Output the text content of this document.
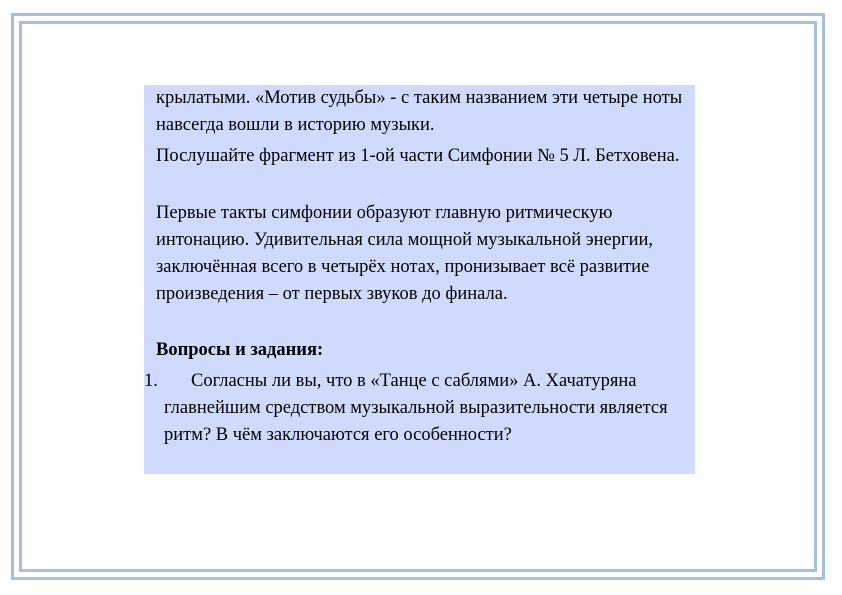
крылатыми. «Мотив судьбы» - с таким названием эти четыре ноты навсегда вошли в историю музыки.

Послушайте фрагмент из 1-ой части Симфонии № 5 Л. Бетховена.

Первые такты симфонии образуют главную ритмическую интонацию. Удивительная сила мощной музыкальной энергии, заключённая всего в четырёх нотах, пронизывает всё развитие произведения – от первых звуков до финала.

Вопросы и задания:

1.	Согласны ли вы, что в «Танце с саблями» А. Хачатуряна главнейшим средством музыкальной выразительности является ритм? В чём заключаются его особенности?
